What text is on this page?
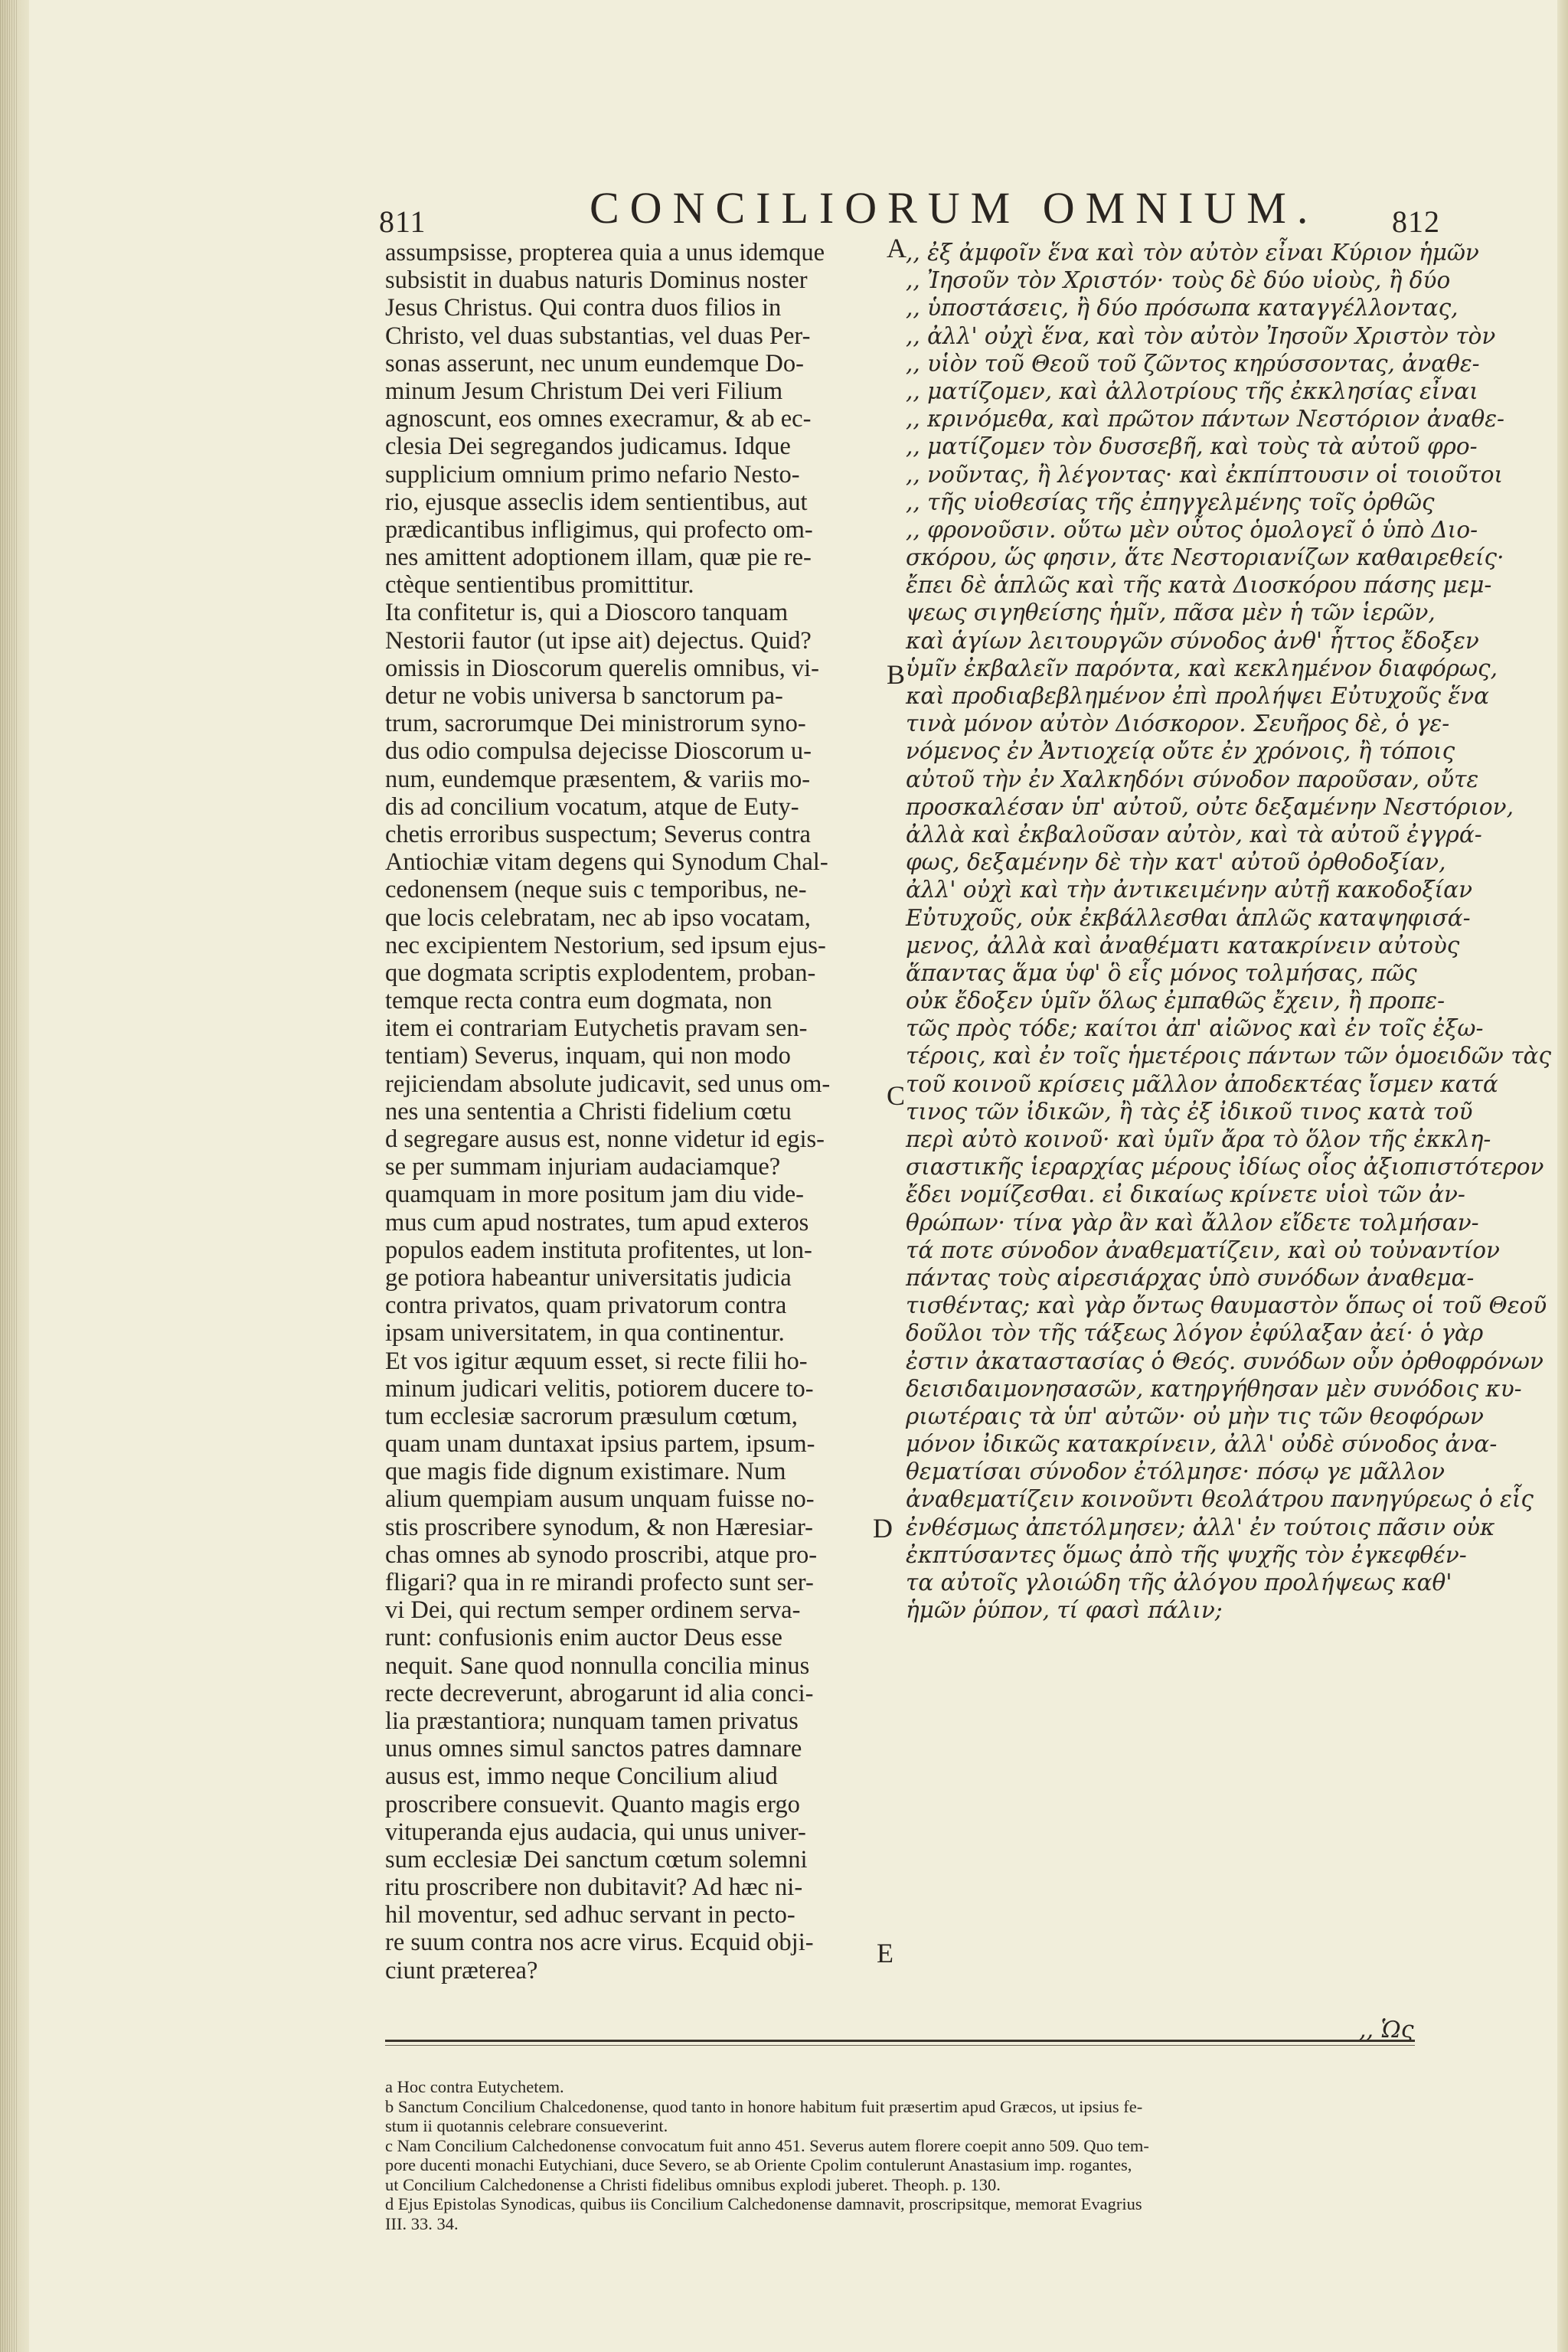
811	CONCILIORUM OMNIUM. 812
assumpsisse, propterea quia a unus idemque
subsistit in duabus naturis Dominus noster
Jesus Christus. Qui contra duos filios in
Christo, vel duas substantias, vel duas Per-
sonas asserunt, nec unum eundemque Do-
minum Jesum Christum Dei veri Filium
agnoscunt, eos omnes execramur, & ab ec-
clesia Dei segregandos judicamus. Idque
supplicium omnium primo nefario Nesto-
rio, ejusque asseclis idem sentientibus, aut
prædicantibus infligimus, qui profecto om-
nes amittent adoptionem illam, quæ pie re-
ctèque sentientibus promittitur.
Ita confitetur is, qui a Dioscoro tanquam
Nestorii fautor (ut ipse ait) dejectus. Quid?
omissis in Dioscorum querelis omnibus, vi-
detur ne vobis universa b sanctorum pa-
trum, sacrorumque Dei ministrorum syno-
dus odio compulsa dejecisse Dioscorum u-
num, eundemque præsentem, & variis mo-
dis ad concilium vocatum, atque de Euty-
chetis erroribus suspectum; Severus contra
Antiochiæ vitam degens qui Synodum Chal-
cedonensem (neque suis c temporibus, ne-
que locis celebratam, nec ab ipso vocatam,
nec excipientem Nestorium, sed ipsum ejus-
que dogmata scriptis explodentem, proban-
temque recta contra eum dogmata, non
item ei contrariam Eutychetis pravam sen-
tentiam) Severus, inquam, qui non modo
rejiciendam absolute judicavit, sed unus om-
nes una sententia a Christi fidelium cœtu
d segregare ausus est, nonne videtur id egis-
se per summam injuriam audaciamque?
quamquam in more positum jam diu vide-
mus cum apud nostrates, tum apud exteros
populos eadem instituta profitentes, ut lon-
ge potiora habeantur universitatis judicia
contra privatos, quam privatorum contra
ipsam universitatem, in qua continentur.
Et vos igitur æquum esset, si recte filii ho-
minum judicari velitis, potiorem ducere to-
tum ecclesiæ sacrorum præsulum cœtum,
quam unam duntaxat ipsius partem, ipsum-
que magis fide dignum existimare. Num
alium quempiam ausum unquam fuisse no-
stis proscribere synodum, & non Hæresiar-
chas omnes ab synodo proscribi, atque pro-
fligari? qua in re mirandi profecto sunt ser-
vi Dei, qui rectum semper ordinem serva-
runt: confusionis enim auctor Deus esse
nequit. Sane quod nonnulla concilia minus
recte decreverunt, abrogarunt id alia conci-
lia præstantiora; nunquam tamen privatus
unus omnes simul sanctos patres damnare
ausus est, immo neque Concilium aliud
proscribere consuevit. Quanto magis ergo
vituperanda ejus audacia, qui unus univer-
sum ecclesiæ Dei sanctum cœtum solemni
ritu proscribere non dubitavit? Ad hæc ni-
hil moventur, sed adhuc servant in pecto-
re suum contra nos acre virus. Ecquid obji-
ciunt præterea?
,, ἐξ ἀμφοῖν ἕνα καὶ τὸν αὐτὸν εἶναι Κύριον ἡμῶν
,, Ἰησοῦν τὸν Χριστόν· τοὺς δὲ δύο υἱοὺς, ἢ δύο
,, ὑποστάσεις, ἢ δύο πρόσωπα καταγγέλλοντας,
,, ἀλλ' οὐχὶ ἕνα, καὶ τὸν αὐτὸν Ἰησοῦν Χριστὸν τὸν
,, υἱὸν τοῦ Θεοῦ τοῦ ζῶντος κηρύσσοντας, ἀναθε-
,, ματίζομεν, καὶ ἀλλοτρίους τῆς ἐκκλησίας εἶναι
,, κρινόμεθα, καὶ πρῶτον πάντων Νεστόριον ἀναθε-
,, ματίζομεν τὸν δυσσεβῆ, καὶ τοὺς τὰ αὐτοῦ φρο-
,, νοῦντας, ἢ λέγοντας· καὶ ἐκπίπτουσιν οἱ τοιοῦτοι
,, τῆς υἱοθεσίας τῆς ἐπηγγελμένης τοῖς ὀρθῶς
,, φρονοῦσιν. οὕτω μὲν οὗτος ὁμολογεῖ ὁ ὑπὸ Διο-
σκόρου, ὥς φησιν, ἅτε Νεστοριανίζων καθαιρεθείς·
ἔπει δὲ ἁπλῶς καὶ τῆς κατὰ Διοσκόρου πάσης μεμ-
ψεως σιγηθείσης ἡμῖν, πᾶσα μὲν ἡ τῶν ἱερῶν,
καὶ ἁγίων λειτουργῶν σύνοδος ἀνθ' ἧττος ἔδοξεν
ὑμῖν ἐκβαλεῖν παρόντα, καὶ κεκλημένον διαφόρως,
καὶ προδιαβεβλημένον ἐπὶ προλήψει Εὐτυχοῦς ἕνα
τινὰ μόνον αὐτὸν Διόσκορον. Σευῆρος δὲ, ὁ γε-
νόμενος ἐν Ἀντιοχείᾳ οὔτε ἐν χρόνοις, ἢ τόποις
αὐτοῦ τὴν ἐν Χαλκηδόνι σύνοδον παροῦσαν, οὔτε
προσκαλέσαν ὑπ' αὐτοῦ, οὐτε δεξαμένην Νεστόριον,
ἀλλὰ καὶ ἐκβαλοῦσαν αὐτὸν, καὶ τὰ αὐτοῦ ἐγγρά-
φως, δεξαμένην δὲ τὴν κατ' αὐτοῦ ὀρθοδοξίαν,
ἀλλ' οὐχὶ καὶ τὴν ἀντικειμένην αὐτῇ κακοδοξίαν
Εὐτυχοῦς, οὐκ ἐκβάλλεσθαι ἁπλῶς καταψηφισά-
μενος, ἀλλὰ καὶ ἀναθέματι κατακρίνειν αὐτοὺς
ἅπαντας ἅμα ὑφ' ὃ εἷς μόνος τολμήσας, πῶς
οὐκ ἔδοξεν ὑμῖν ὅλως ἐμπαθῶς ἔχειν, ἢ προπε-
τῶς πρὸς τόδε; καίτοι ἀπ' αἰῶνος καὶ ἐν τοῖς ἐξω-
τέροις, καὶ ἐν τοῖς ἡμετέροις πάντων τῶν ὁμοειδῶν τὰς
τοῦ κοινοῦ κρίσεις μᾶλλον ἀποδεκτέας ἴσμεν κατά
τινος τῶν ἰδικῶν, ἢ τὰς ἐξ ἰδικοῦ τινος κατὰ τοῦ
περὶ αὐτὸ κοινοῦ· καὶ ὑμῖν ἄρα τὸ ὅλον τῆς ἐκκλη-
σιαστικῆς ἱεραρχίας μέρους ἰδίως οἷος ἀξιοπιστότερον
ἔδει νομίζεσθαι. εἰ δικαίως κρίνετε υἱοὶ τῶν ἀν-
θρώπων· τίνα γὰρ ἂν καὶ ἄλλον εἴδετε τολμήσαν-
τά ποτε σύνοδον ἀναθεματίζειν, καὶ οὐ τοὐναντίον
πάντας τοὺς αἱρεσιάρχας ὑπὸ συνόδων ἀναθεμα-
τισθέντας; καὶ γὰρ ὄντως θαυμαστὸν ὅπως οἱ τοῦ Θεοῦ
δοῦλοι τὸν τῆς τάξεως λόγον ἐφύλαξαν ἀεί· ὁ γὰρ
ἐστιν ἀκαταστασίας ὁ Θεός. συνόδων οὖν ὀρθοφρόνων
δεισιδαιμονησασῶν, κατηργήθησαν μὲν συνόδοις κυ-
ριωτέραις τὰ ὑπ' αὐτῶν· οὐ μὴν τις τῶν θεοφόρων
μόνον ἰδικῶς κατακρίνειν, ἀλλ' οὐδὲ σύνοδος ἀνα-
θεματίσαι σύνοδον ἐτόλμησε· πόσῳ γε μᾶλλον
ἀναθεματίζειν κοινοῦντι θεολάτρου πανηγύρεως ὁ εἷς
ἐνθέσμως ἀπετόλμησεν; ἀλλ' ἐν τούτοις πᾶσιν οὐκ
ἐκπτύσαντες ὅμως ἀπὸ τῆς ψυχῆς τὸν ἐγκεφθέν-
τα αὐτοῖς γλοιώδη τῆς ἀλόγου προλήψεως καθ'
ἡμῶν ῥύπον, τί φασὶ πάλιν;
A
B
C
D
E
,, Ὡς
a Hoc contra Eutychetem.
b Sanctum Concilium Chalcedonense, quod tanto in honore habitum fuit præsertim apud Græcos, ut ipsius fe-
stum ii quotannis celebrare consueverint.
c Nam Concilium Calchedonense convocatum fuit anno 451. Severus autem florere coepit anno 509. Quo tem-
pore ducenti monachi Eutychiani, duce Severo, se ab Oriente Cpolim contulerunt Anastasium imp. rogantes,
ut Concilium Calchedonense a Christi fidelibus omnibus explodi juberet. Theoph. p. 130.
d Ejus Epistolas Synodicas, quibus iis Concilium Calchedonense damnavit, proscripsitque, memorat Evagrius
III. 33. 34.
